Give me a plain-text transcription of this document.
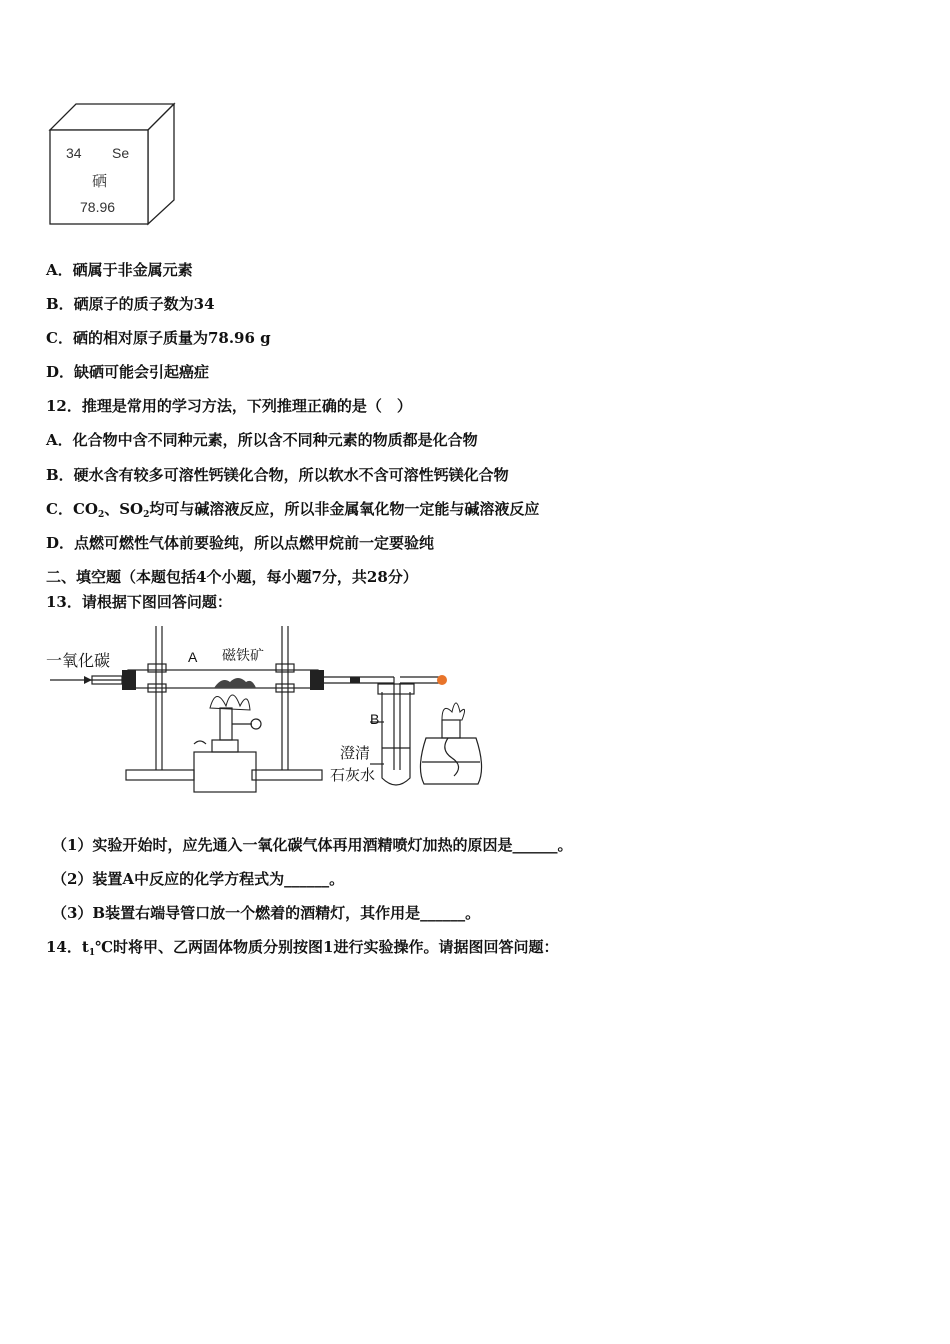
34 Se
硒
78.96
A．硒属于非金属元素
B．硒原子的质子数为34
C．硒的相对原子质量为78.96 g
D．缺硒可能会引起癌症
12．推理是常用的学习方法，下列推理正确的是（　）
A．化合物中含不同种元素，所以含不同种元素的物质都是化合物
B．硬水含有较多可溶性钙镁化合物，所以软水不含可溶性钙镁化合物
C．$CO_2$、$SO_2$均可与碱溶液反应，所以非金属氧化物一定能与碱溶液反应
D．点燃可燃性气体前要验纯，所以点燃甲烷前一定要验纯
二、填空题（本题包括4个小题，每小题7分，共28分）
13．请根据下图回答问题：
一氧化碳	A 磁铁矿
B
澄清
石灰水
（1）实验开始时，应先通入一氧化碳气体再用酒精喷灯加热的原因是______。
（2）装置A中反应的化学方程式为______。
（3）B装置右端导管口放一个燃着的酒精灯，其作用是______。
14．$t_1℃$时将甲、乙两固体物质分别按图1进行实验操作。请据图回答问题：
